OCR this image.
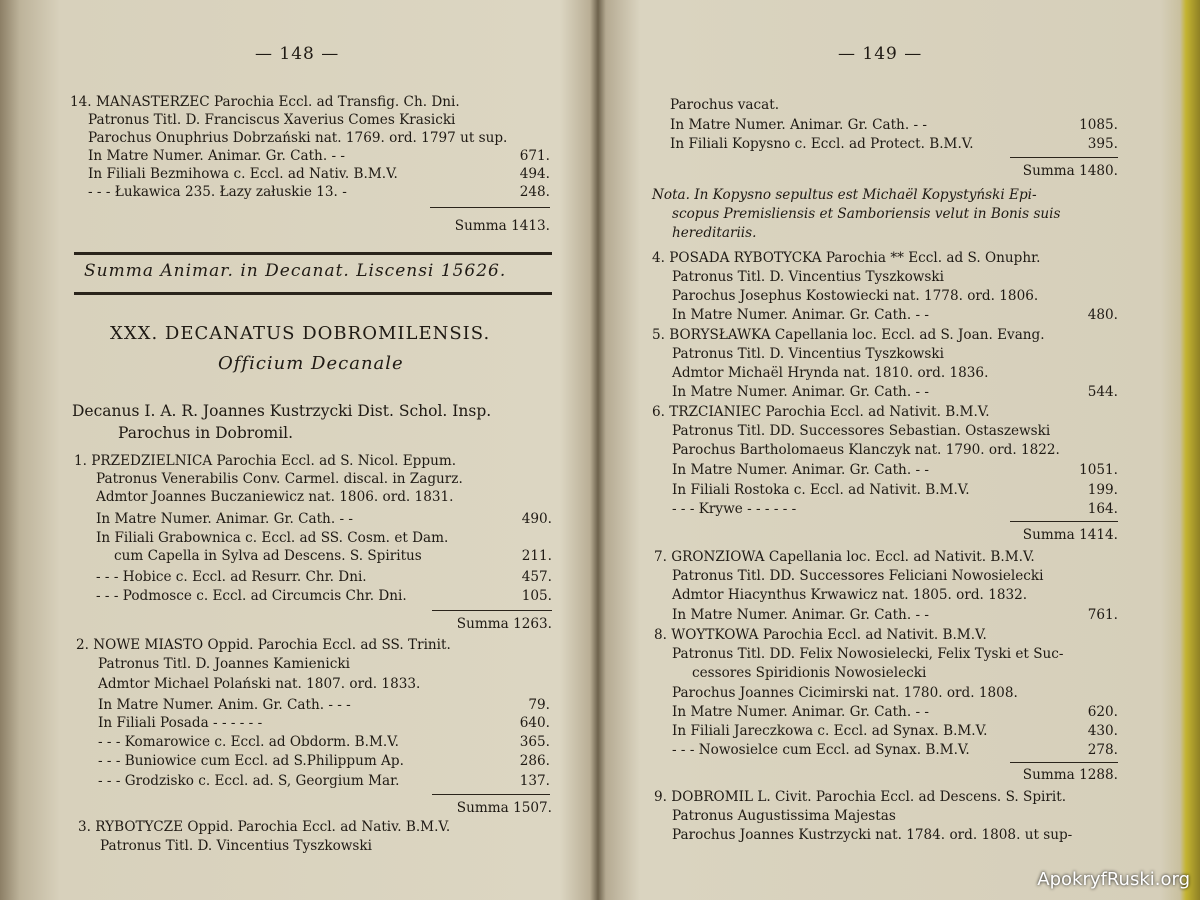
— 148 —
14. MANASTERZEC Parochia Eccl. ad Transfig. Ch. Dni.
Patronus Titl. D. Franciscus Xaverius Comes Krasicki
Parochus Onuphrius Dobrzański nat. 1769. ord. 1797 ut sup.
In Matre Numer. Animar. Gr. Cath. - -	671.
In Filiali Bezmihowa c. Eccl. ad Nativ. B.M.V.	494.
- - - Łukawica 235. Łazy załuskie 13. -	248.
Summa 1413.
Summa Animar. in Decanat. Liscensi 15626.
XXX. DECANATUS DOBROMILENSIS.
Officium Decanale
Decanus I. A. R. Joannes Kustrzycki Dist. Schol. Insp.
Parochus in Dobromil.
1. PRZEDZIELNICA Parochia Eccl. ad S. Nicol. Eppum.
Patronus Venerabilis Conv. Carmel. discal. in Zagurz.
Admtor Joannes Buczaniewicz nat. 1806. ord. 1831.
In Matre Numer. Animar. Gr. Cath. - -	490.
In Filiali Grabownica c. Eccl. ad SS. Cosm. et Dam.
cum Capella in Sylva ad Descens. S. Spiritus	211.
- - - Hobice c. Eccl. ad Resurr. Chr. Dni.	457.
- - - Podmosce c. Eccl. ad Circumcis Chr. Dni.	105.
Summa 1263.
2. NOWE MIASTO Oppid. Parochia Eccl. ad SS. Trinit.
Patronus Titl. D. Joannes Kamienicki
Admtor Michael Polański nat. 1807. ord. 1833.
In Matre Numer. Anim. Gr. Cath. - - -	79.
In Filiali Posada - - - - - -	640.
- - - Komarowice c. Eccl. ad Obdorm. B.M.V.	365.
- - - Buniowice cum Eccl. ad S.Philippum Ap.	286.
- - - Grodzisko c. Eccl. ad. S, Georgium Mar.	137.
Summa 1507.
3. RYBOTYCZE Oppid. Parochia Eccl. ad Nativ. B.M.V.
Patronus Titl. D. Vincentius Tyszkowski
— 149 —
Parochus vacat.
In Matre Numer. Animar. Gr. Cath. - -	1085.
In Filiali Kopysno c. Eccl. ad Protect. B.M.V.	395.
Summa 1480.
Nota. In Kopysno sepultus est Michaël Kopystyński Epi-
scopus Premisliensis et Samboriensis velut in Bonis suis
hereditariis.
4. POSADA RYBOTYCKA Parochia ** Eccl. ad S. Onuphr.
Patronus Titl. D. Vincentius Tyszkowski
Parochus Josephus Kostowiecki nat. 1778. ord. 1806.
In Matre Numer. Animar. Gr. Cath. - -	480.
5. BORYSŁAWKA Capellania loc. Eccl. ad S. Joan. Evang.
Patronus Titl. D. Vincentius Tyszkowski
Admtor Michaël Hrynda nat. 1810. ord. 1836.
In Matre Numer. Animar. Gr. Cath. - -	544.
6. TRZCIANIEC Parochia Eccl. ad Nativit. B.M.V.
Patronus Titl. DD. Successores Sebastian. Ostaszewski
Parochus Bartholomaeus Klanczyk nat. 1790. ord. 1822.
In Matre Numer. Animar. Gr. Cath. - -	1051.
In Filiali Rostoka c. Eccl. ad Nativit. B.M.V.	199.
- - - Krywe - - - - - -	164.
Summa 1414.
7. GRONZIOWA Capellania loc. Eccl. ad Nativit. B.M.V.
Patronus Titl. DD. Successores Feliciani Nowosielecki
Admtor Hiacynthus Krwawicz nat. 1805. ord. 1832.
In Matre Numer. Animar. Gr. Cath. - -	761.
8. WOYTKOWA Parochia Eccl. ad Nativit. B.M.V.
Patronus Titl. DD. Felix Nowosielecki, Felix Tyski et Suc-
cessores Spiridionis Nowosielecki
Parochus Joannes Cicimirski nat. 1780. ord. 1808.
In Matre Numer. Animar. Gr. Cath. - -	620.
In Filiali Jareczkowa c. Eccl. ad Synax. B.M.V.	430.
- - - Nowosielce cum Eccl. ad Synax. B.M.V.	278.
Summa 1288.
9. DOBROMIL L. Civit. Parochia Eccl. ad Descens. S. Spirit.
Patronus Augustissima Majestas
Parochus Joannes Kustrzycki nat. 1784. ord. 1808. ut sup-
ApokryfRuski.org
